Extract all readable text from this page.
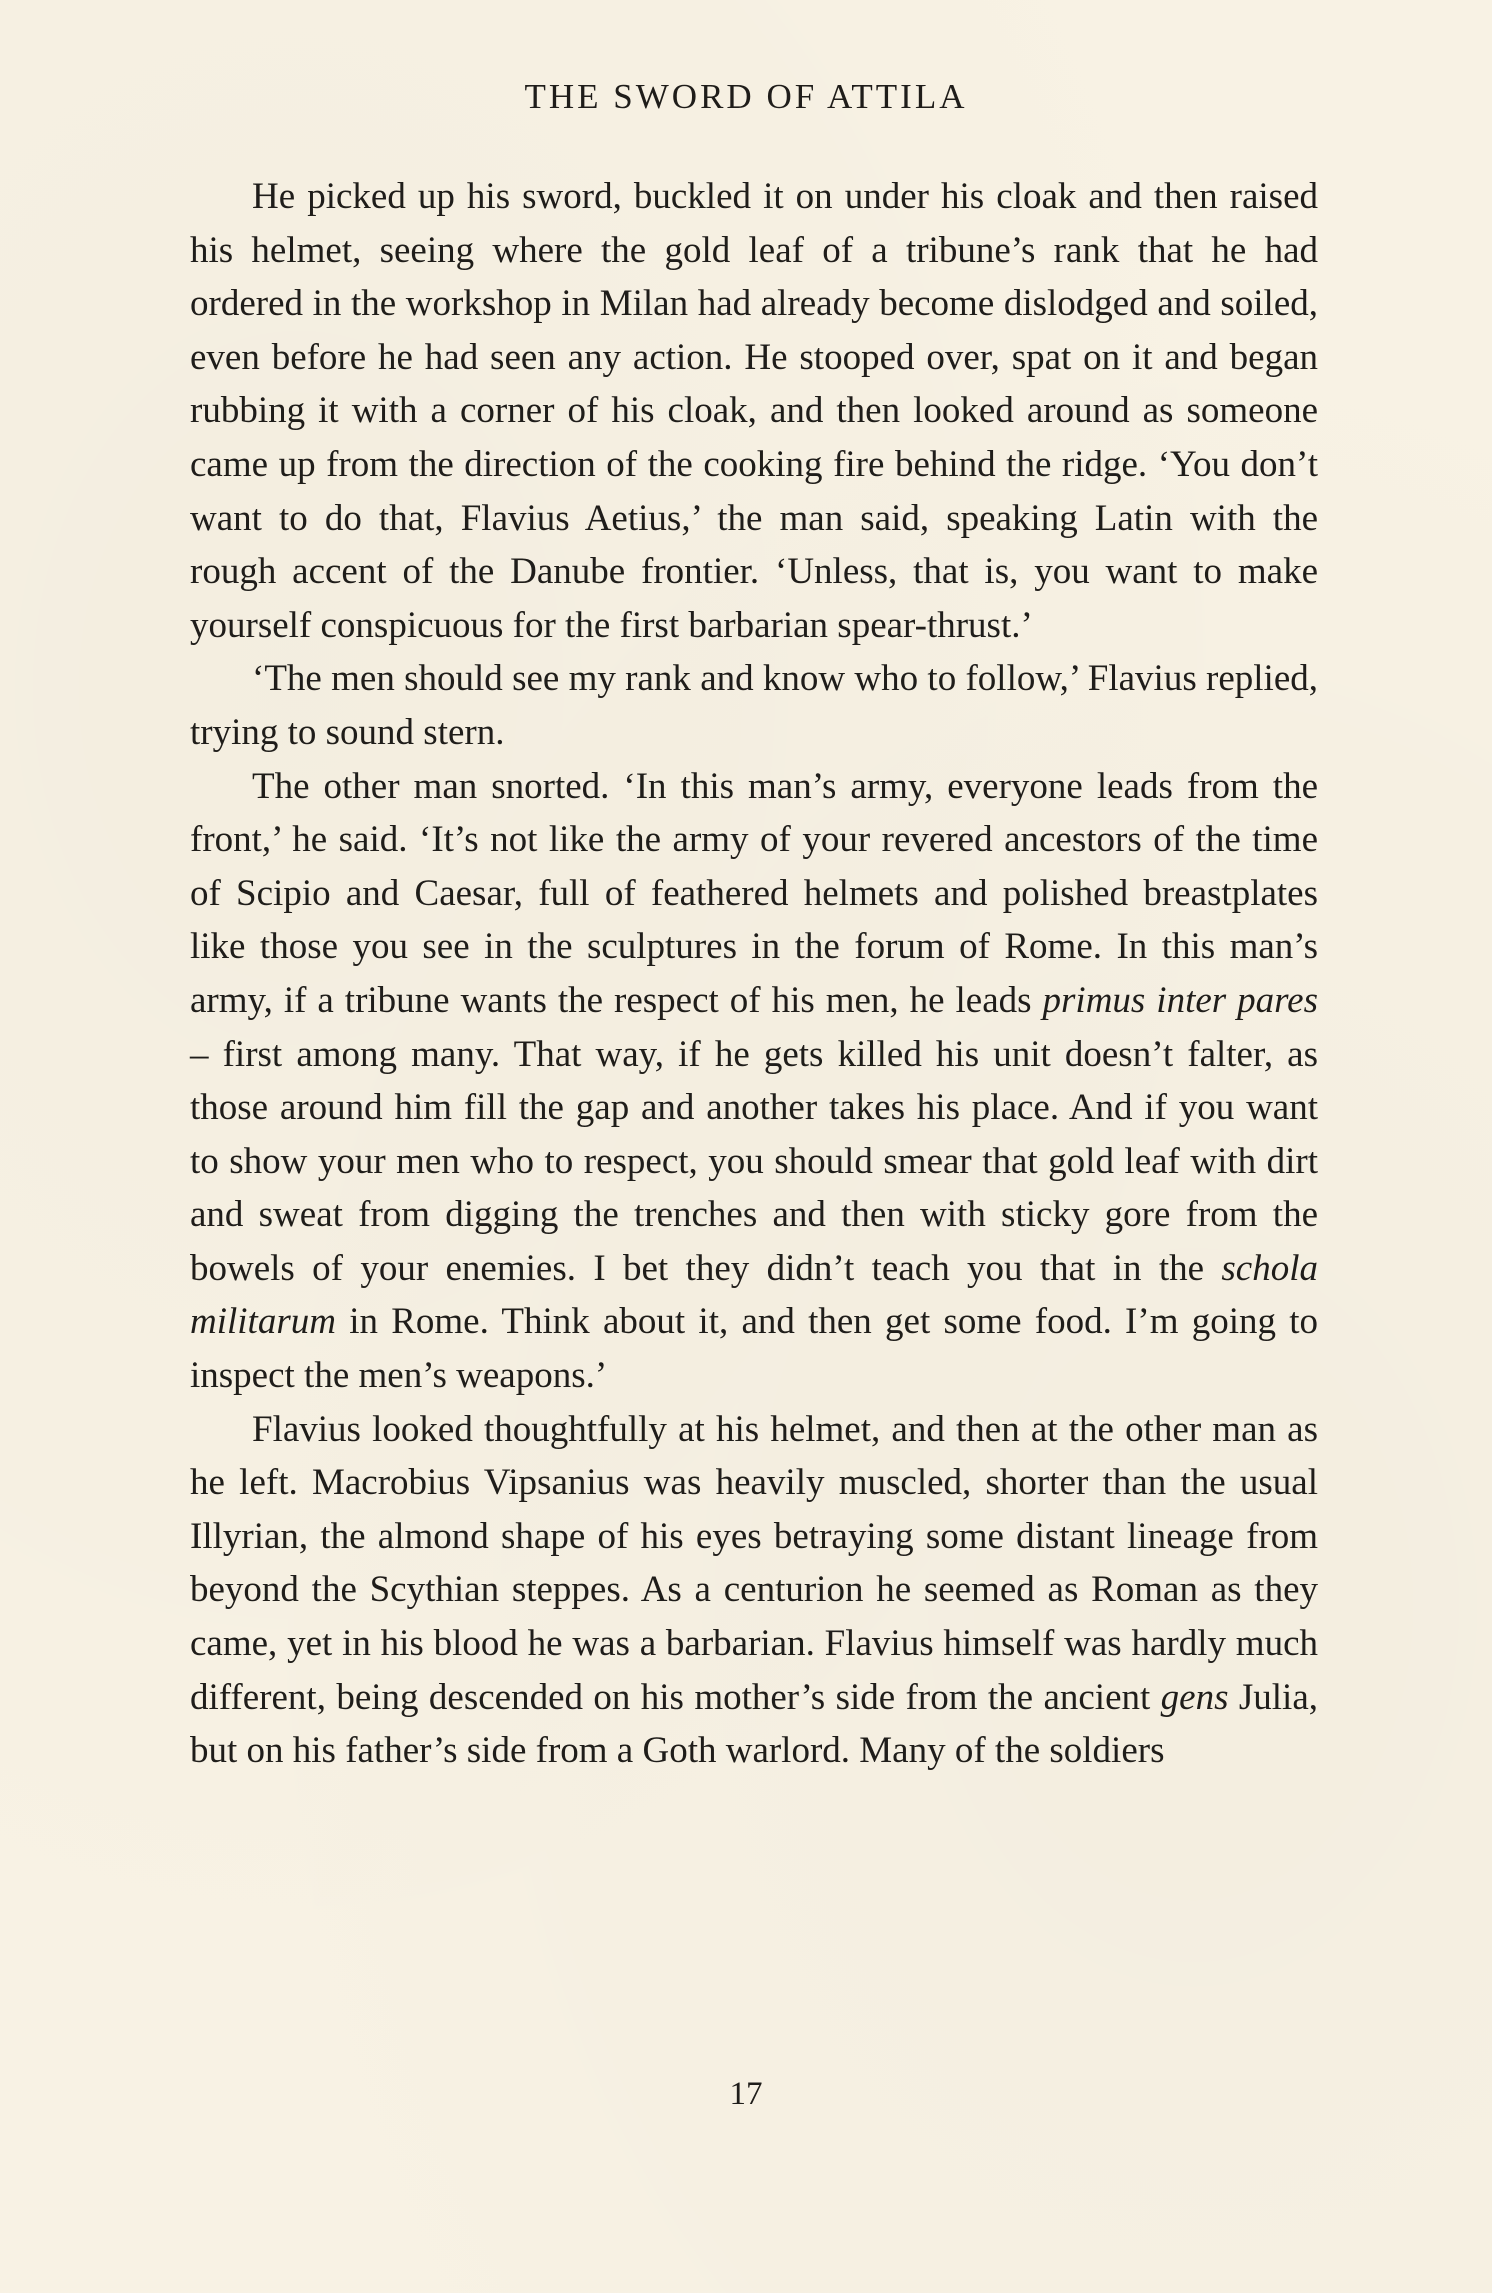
THE SWORD OF ATTILA

He picked up his sword, buckled it on under his cloak and then raised his helmet, seeing where the gold leaf of a tribune’s rank that he had ordered in the workshop in Milan had already become dislodged and soiled, even before he had seen any action. He stooped over, spat on it and began rubbing it with a corner of his cloak, and then looked around as someone came up from the direction of the cooking fire behind the ridge. ‘You don’t want to do that, Flavius Aetius,’ the man said, speaking Latin with the rough accent of the Danube frontier. ‘Unless, that is, you want to make yourself conspicuous for the first barbarian spear-thrust.’

‘The men should see my rank and know who to follow,’ Flavius replied, trying to sound stern.

The other man snorted. ‘In this man’s army, everyone leads from the front,’ he said. ‘It’s not like the army of your revered ancestors of the time of Scipio and Caesar, full of feathered helmets and polished breastplates like those you see in the sculptures in the forum of Rome. In this man’s army, if a tribune wants the respect of his men, he leads primus inter pares – first among many. That way, if he gets killed his unit doesn’t falter, as those around him fill the gap and another takes his place. And if you want to show your men who to respect, you should smear that gold leaf with dirt and sweat from digging the trenches and then with sticky gore from the bowels of your enemies. I bet they didn’t teach you that in the schola militarum in Rome. Think about it, and then get some food. I’m going to inspect the men’s weapons.’

Flavius looked thoughtfully at his helmet, and then at the other man as he left. Macrobius Vipsanius was heavily muscled, shorter than the usual Illyrian, the almond shape of his eyes betraying some distant lineage from beyond the Scythian steppes. As a centurion he seemed as Roman as they came, yet in his blood he was a barbarian. Flavius himself was hardly much different, being descended on his mother’s side from the ancient gens Julia, but on his father’s side from a Goth warlord. Many of the soldiers

17
